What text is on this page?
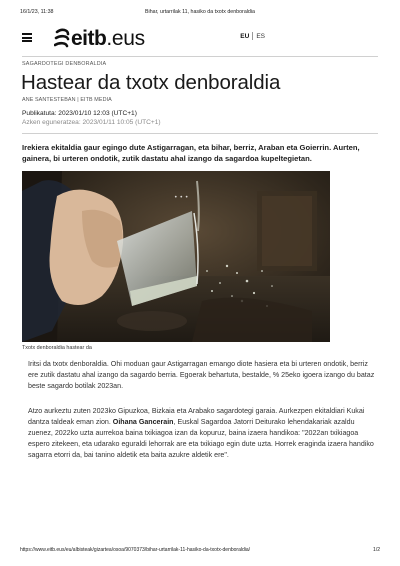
16/1/23, 11:38	Bihar, urtarrilak 11, hasiko da txotx denboraldia
eitb .eus	EU ES
SAGARDOTEGI DENBORALDIA
Hastear da txotx denboraldia
ANE SANTESTEBAN | EITB MEDIA
Publikatuta: 2023/01/10 12:03 (UTC+1)
Azken eguneratzea: 2023/01/11 10:05 (UTC+1)

Irekiera ekitaldia gaur egingo dute Astigarragan, eta bihar, berriz, Araban eta Goierrin. Aurten, gainera, bi urteren ondotik, zutik dastatu ahal izango da sagardoa kupeltegietan.

• • •
Txotx denboraldia hastear da

Iritsi da txotx denboraldia. Ohi moduan gaur Astigarragan emango diote hasiera eta bi urteren ondotik, berriz ere zutik dastatu ahal izango da sagardo berria. Egoerak behartuta, bestalde, % 25eko igoera izango du bataz beste sagardo botilak 2023an.

Atzo aurkeztu zuten 2023ko Gipuzkoa, Bizkaia eta Arabako sagardotegi garaia. Aurkezpen ekitaldiari Kukai dantza taldeak eman zion. Oihana Gancerain, Euskal Sagardoa Jatorri Deiturako lehendakariak azaldu zuenez, 2022ko uzta aurrekoa baina txikiagoa izan da kopuruz, baina izaera handikoa: "2022an txikiagoa espero zitekeen, eta udarako eguraldi lehorrak are eta txikiago egin dute uzta. Horrek eraginda izaera handiko sagarra etorri da, bai tanino aldetik eta baita azukre aldetik ere".

https://www.eitb.eus/eu/albisteak/gizartea/osoa/9070373/bihar-urtarrilak-11-hasiko-da-txotx-denboraldia/	1/2
